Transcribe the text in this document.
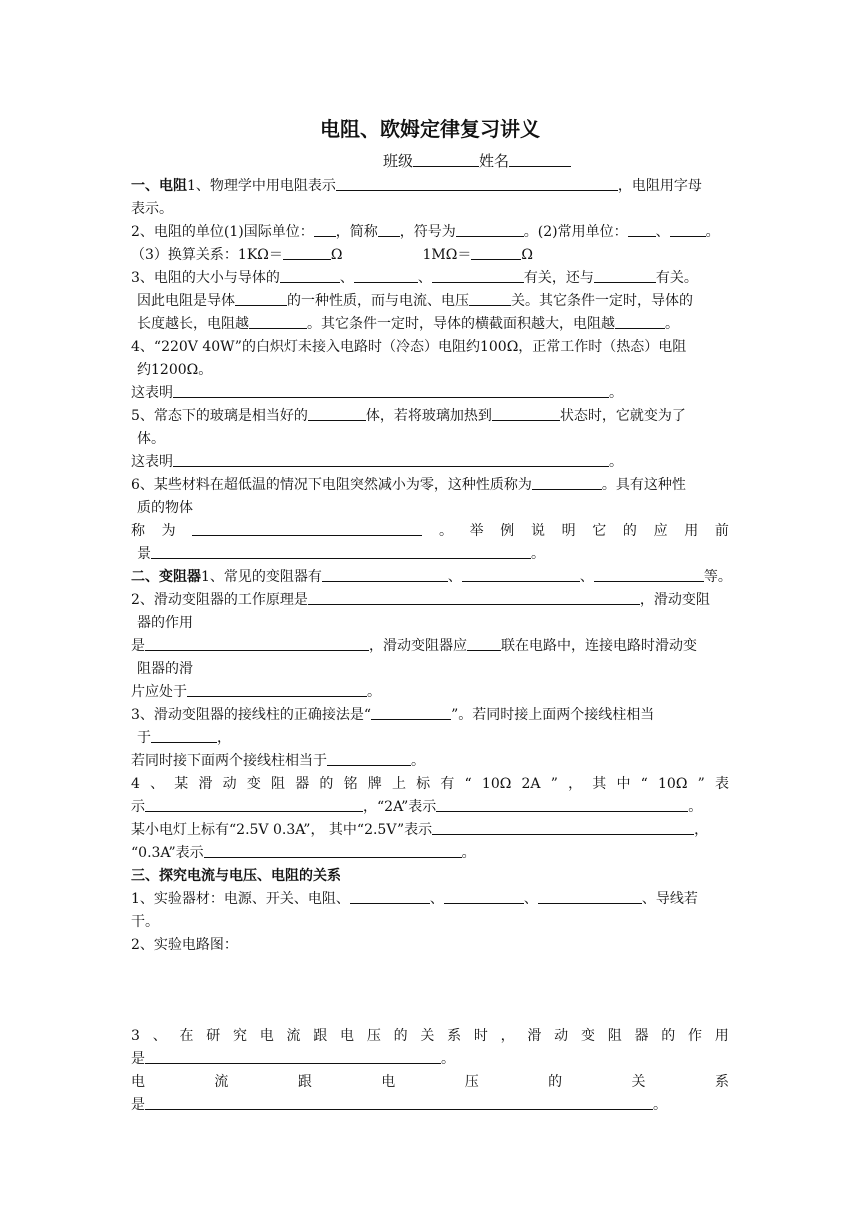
电阻、欧姆定律复习讲义
班级	姓名
一、电阻1、物理学中用电阻表示	，电阻用字母
表示。
2、电阻的单位(1)国际单位： ，简称 ，符号为	。(2)常用单位： 、	。
（3）换算关系：1KΩ＝	Ω	1MΩ＝	Ω
3、电阻的大小与导体的	、	、	有关，还与	有关。
因此电阻是导体	的一种性质，而与电流、电压	关。其它条件一定时，导体的
长度越长，电阻越	。其它条件一定时，导体的横截面积越大，电阻越	。
4、“220V 40W”的白炽灯未接入电路时（冷态）电阻约100Ω，正常工作时（热态）电阻
约1200Ω。
这表明	。
5、常态下的玻璃是相当好的	体，若将玻璃加热到	状态时，它就变为了
体。
这表明	。
6、某些材料在超低温的情况下电阻突然减小为零，这种性质称为	。具有这种性
质的物体
称 为	。 举 例 说 明 它 的 应 用 前
景	。
二、变阻器1、常见的变阻器有	、	、	等。
2、滑动变阻器的工作原理是	，滑动变阻
器的作用
是	，滑动变阻器应 联在电路中，连接电路时滑动变
阻器的滑
片应处于	。
3、滑动变阻器的接线柱的正确接法是“	”。若同时接上面两个接线柱相当
于	，
若同时接下面两个接线柱相当于	。
4 、 某 滑 动 变 阻 器 的 铭 牌 上 标 有 “ 10Ω 2A ” ， 其 中 “ 10Ω ” 表
示	，“2A”表示	。
某小电灯上标有“2.5V 0.3A”， 其中“2.5V”表示	，
“0.3A”表示	。
三、探究电流与电压、电阻的关系
1、实验器材：电源、开关、电阻、	、	、	、导线若
干。
2、实验电路图：
3 、 在 研 究 电 流 跟 电 压 的 关 系 时 ， 滑 动 变 阻 器 的 作 用
是	。
电	流	跟	电	压	的	关	系
是	。
